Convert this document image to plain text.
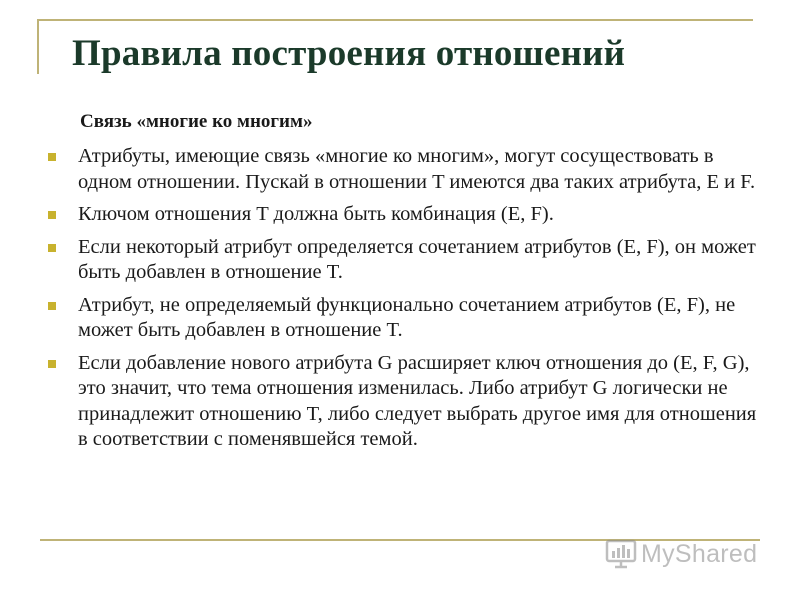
Правила построения отношений

Связь «многие ко многим»

Атрибуты, имеющие связь «многие ко многим», могут сосуществовать в одном отношении. Пускай в отношении T имеются два таких атрибута, E и F.
Ключом отношения T должна быть комбинация (E, F).
Если некоторый атрибут определяется сочетанием атрибутов (E, F), он может быть добавлен в отношение T.
Атрибут, не определяемый функционально сочетанием атрибутов (E, F), не может быть добавлен в отношение T.
Если добавление нового атрибута G расширяет ключ отношения до (E, F, G), это значит, что тема отношения изменилась. Либо атрибут G логически не принадлежит отношению T, либо следует выбрать другое имя для отношения в соответствии с поменявшейся темой.
MyShared
